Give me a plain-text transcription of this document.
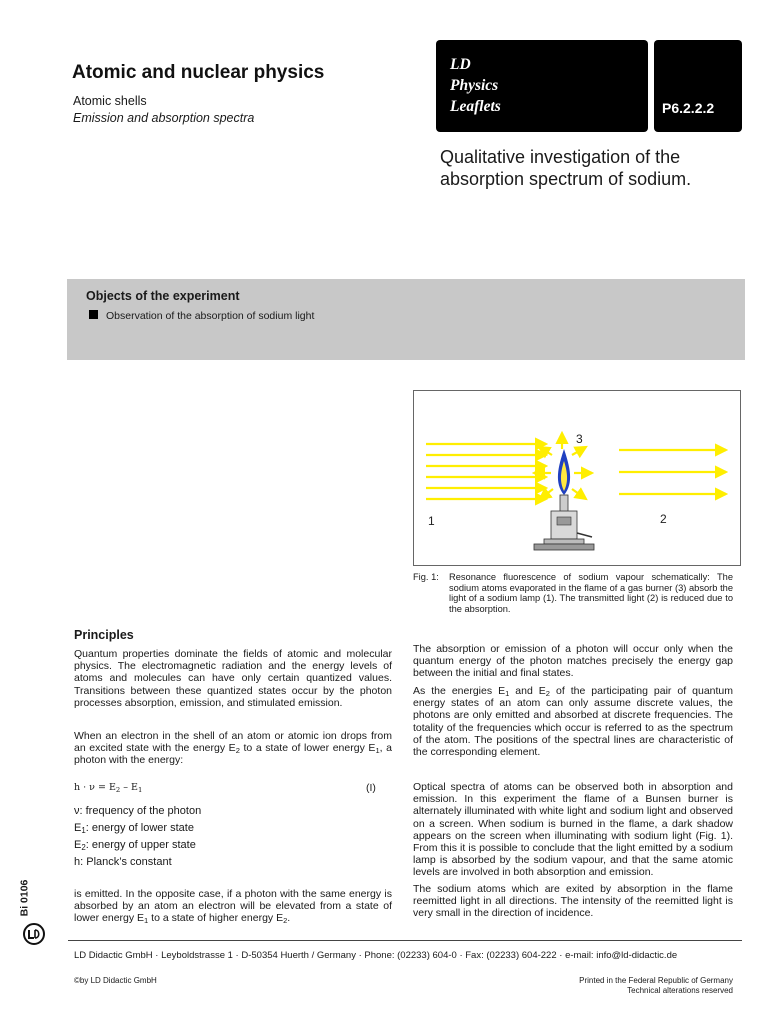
Atomic and nuclear physics
Atomic shells
Emission and absorption spectra
LD
Physics
Leaflets	P6.2.2.2
Qualitative investigation of the
absorption spectrum of sodium.
Objects of the experiment
Observation of the absorption of sodium light
3
1	2
Fig. 1: Resonance fluorescence of sodium vapour schematically: The sodium atoms evaporated in the flame of a gas burner (3) absorb the light of a sodium lamp (1). The transmitted light (2) is reduced due to the absorption.
Principles
Quantum properties dominate the fields of atomic and molecular physics. The electromagnetic radiation and the energy levels of atoms and molecules can have only certain quantized values. Transitions between these quantized states occur by the photon processes absorption, emission, and stimulated emission.
When an electron in the shell of an atom or atomic ion drops from an excited state with the energy $E_2$ to a state of lower energy $E_1$, a photon with the energy:
$h \cdot \nu = E_2 - E_1$	(I)
ν: frequency of the photon
$E_1$: energy of lower state
$E_2$: energy of upper state
h: Planck’s constant
is emitted. In the opposite case, if a photon with the same energy is absorbed by an atom an electron will be elevated from a state of lower energy $E_1$ to a state of higher energy $E_2$.
The absorption or emission of a photon will occur only when the quantum energy of the photon matches precisely the energy gap between the initial and final states.
As the energies $E_1$ and $E_2$ of the participating pair of quantum energy states of an atom can only assume discrete values, the photons are only emitted and absorbed at discrete frequencies. The totality of the frequencies which occur is referred to as the spectrum of the atom. The positions of the spectral lines are characteristic of the corresponding element.
Optical spectra of atoms can be observed both in absorption and emission. In this experiment the flame of a Bunsen burner is alternately illuminated with white light and sodium light and observed on a screen. When sodium is burned in the flame, a dark shadow appears on the screen when illuminating with sodium light (Fig. 1). From this it is possible to conclude that the light emitted by a sodium lamp is absorbed by the sodium vapour, and that the same atomic levels are involved in both absorption and emission.
The sodium atoms which are exited by absorption in the flame reemitted light in all directions. The intensity of the reemitted light is very small in the direction of incidence.
Bi 0106
LD Didactic GmbH · Leyboldstrasse 1 · D-50354 Huerth / Germany · Phone: (02233) 604-0 · Fax: (02233) 604-222 · e-mail: info@ld-didactic.de
©by LD Didactic GmbH	Printed in the Federal Republic of Germany
Technical alterations reserved
